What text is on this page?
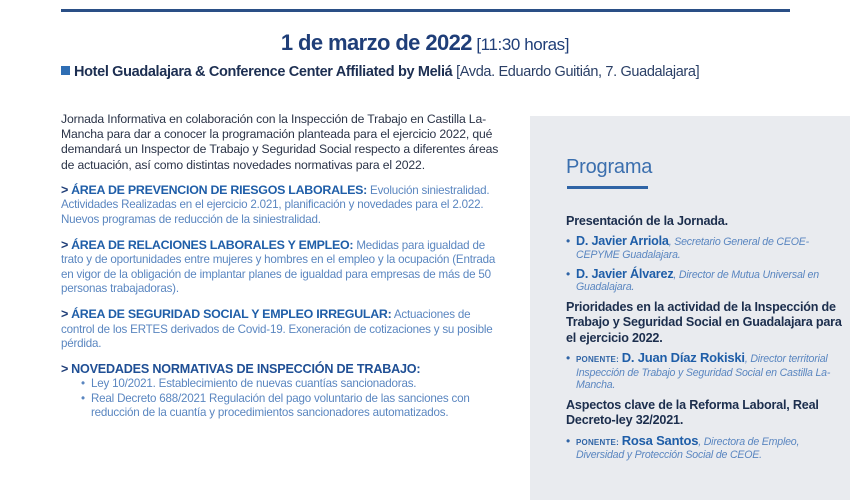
1 de marzo de 2022 [11:30 horas]
Hotel Guadalajara & Conference Center Affiliated by Meliá [Avda. Eduardo Guitián, 7. Guadalajara]

Jornada Informativa en colaboración con la Inspección de Trabajo en Castilla La-Mancha para dar a conocer la programación planteada para el ejercicio 2022, qué demandará un Inspector de Trabajo y Seguridad Social respecto a diferentes áreas de actuación, así como distintas novedades normativas para el 2022.

> ÁREA DE PREVENCION DE RIESGOS LABORALES: Evolución siniestralidad. Actividades Realizadas en el ejercicio 2.021, planificación y novedades para el 2.022. Nuevos programas de reducción de la siniestralidad.
> ÁREA DE RELACIONES LABORALES Y EMPLEO: Medidas para igualdad de trato y de oportunidades entre mujeres y hombres en el empleo y la ocupación (Entrada en vigor de la obligación de implantar planes de igualdad para empresas de más de 50 personas trabajadoras).
> ÁREA DE SEGURIDAD SOCIAL Y EMPLEO IRREGULAR: Actuaciones de control de los ERTES derivados de Covid-19. Exoneración de cotizaciones y su posible pérdida.
> NOVEDADES NORMATIVAS DE INSPECCIÓN DE TRABAJO:
• Ley 10/2021. Establecimiento de nuevas cuantías sancionadoras.
• Real Decreto 688/2021 Regulación del pago voluntario de las sanciones con reducción de la cuantía y procedimientos sancionadores automatizados.
Programa
Presentación de la Jornada.
• D. Javier Arriola, Secretario General de CEOE-CEPYME Guadalajara.
• D. Javier Álvarez, Director de Mutua Universal en Guadalajara.
Prioridades en la actividad de la Inspección de Trabajo y Seguridad Social en Guadalajara para el ejercicio 2022.
• PONENTE: D. Juan Díaz Rokiski, Director territorial Inspección de Trabajo y Seguridad Social en Castilla La-Mancha.
Aspectos clave de la Reforma Laboral, Real Decreto-ley 32/2021.
• PONENTE: Rosa Santos, Directora de Empleo, Diversidad y Protección Social de CEOE.
